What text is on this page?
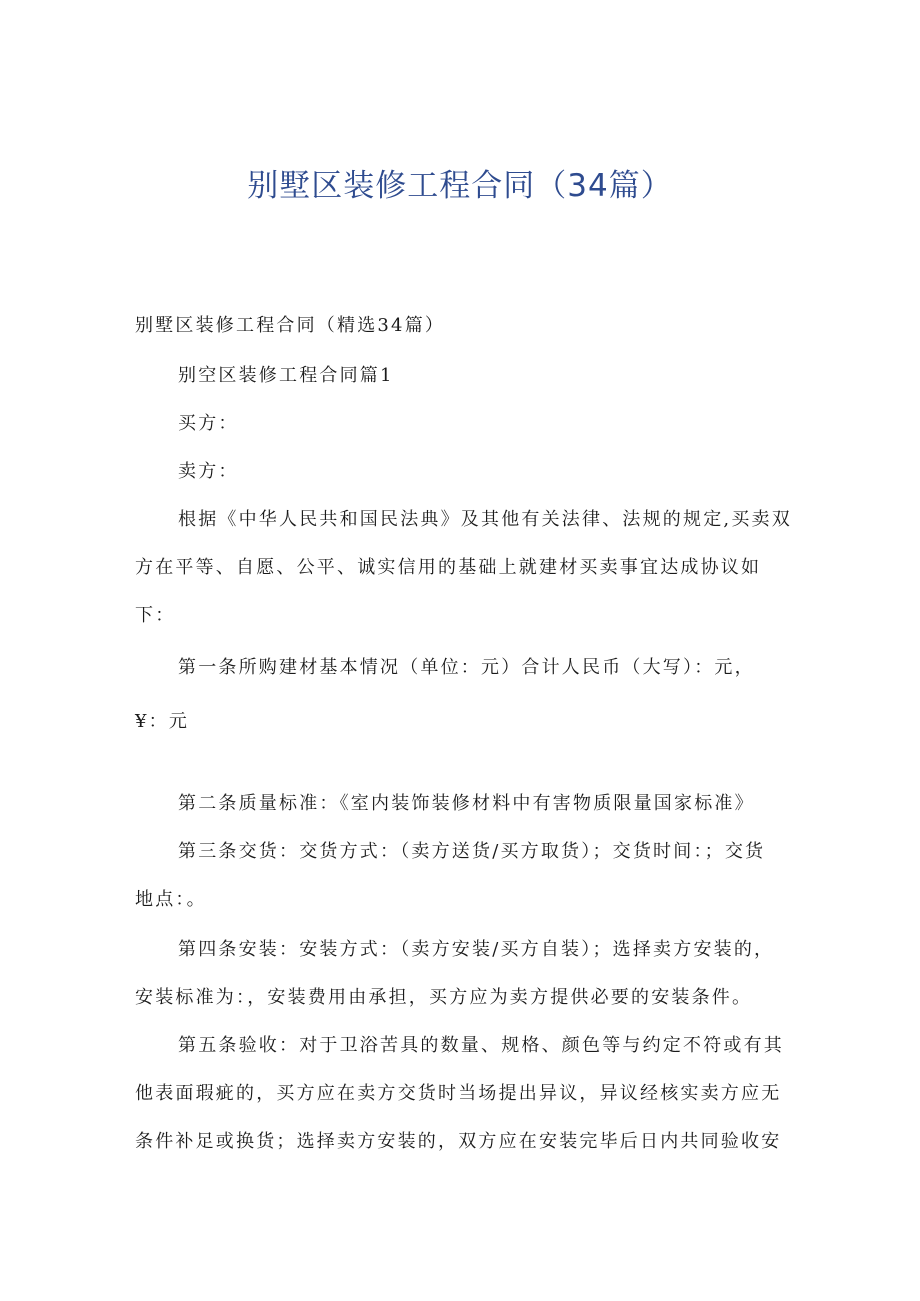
别墅区装修工程合同（34篇）
别墅区装修工程合同（精选34篇）
别空区装修工程合同篇1
买方：
卖方：
根据《中华人民共和国民法典》及其他有关法律、法规的规定,买卖双
方在平等、自愿、公平、诚实信用的基础上就建材买卖事宜达成协议如
下：
第一条所购建材基本情况（单位：元）合计人民币（大写）：元，
¥：元
第二条质量标准：《室内装饰装修材料中有害物质限量国家标准》
第三条交货：交货方式：（卖方送货/买方取货）；交货时间：；交货
地点：。
第四条安装：安装方式：（卖方安装/买方自装）；选择卖方安装的，
安装标准为：，安装费用由承担，买方应为卖方提供必要的安装条件。
第五条验收：对于卫浴苦具的数量、规格、颜色等与约定不符或有其
他表面瑕疵的，买方应在卖方交货时当场提出异议，异议经核实卖方应无
条件补足或换货；选择卖方安装的，双方应在安装完毕后日内共同验收安
